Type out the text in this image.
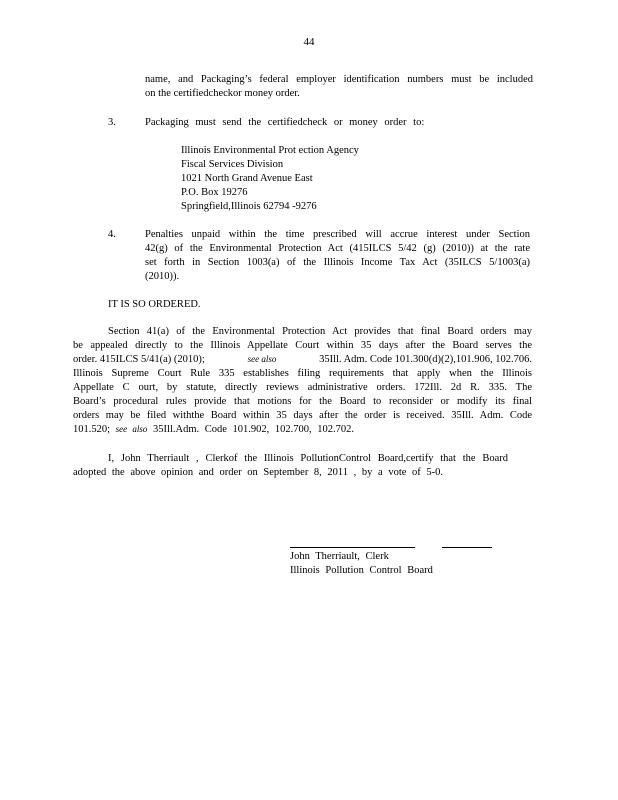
44
name, and Packaging’s federal employer identification numbers must be included
on the certifiedcheckor money order.
3.	Packaging must send the certifiedcheck or money order to:
Illinois Environmental Prot ection Agency
Fiscal Services Division
1021 North Grand Avenue East
P.O. Box 19276
Springfield,Illinois 62794 -9276
4.	Penalties unpaid within the time prescribed will accrue interest under Section
42(g) of the Environmental Protection Act (415ILCS 5/42 (g) (2010)) at the rate
set forth in Section 1003(a) of the Illinois Income Tax Act (35ILCS 5/1003(a)
(2010)).
IT IS SO ORDERED.
Section 41(a) of the Environmental Protection Act provides that final Board orders may
be appealed directly to the Illinois Appellate Court within 35 days after the Board serves the
order. 415ILCS 5/41(a) (2010);	see also	35Ill. Adm. Code 101.300(d)(2),101.906, 102.706.
Illinois Supreme Court Rule 335 establishes filing requirements that apply when the Illinois
Appellate C ourt, by statute, directly reviews administrative orders. 172Ill. 2d R. 335. The
Board’s procedural rules provide that motions for the Board to reconsider or modify its final
orders may be filed withthe Board within 35 days after the order is received. 35Ill. Adm. Code
101.520; see also 35Ill.Adm. Code 101.902, 102.700, 102.702.
I, John Therriault , Clerkof the Illinois PollutionControl Board,certify that the Board
adopted the above opinion and order on September 8, 2011 , by a vote of 5-0.
John Therriault, Clerk
Illinois Pollution Control Board
